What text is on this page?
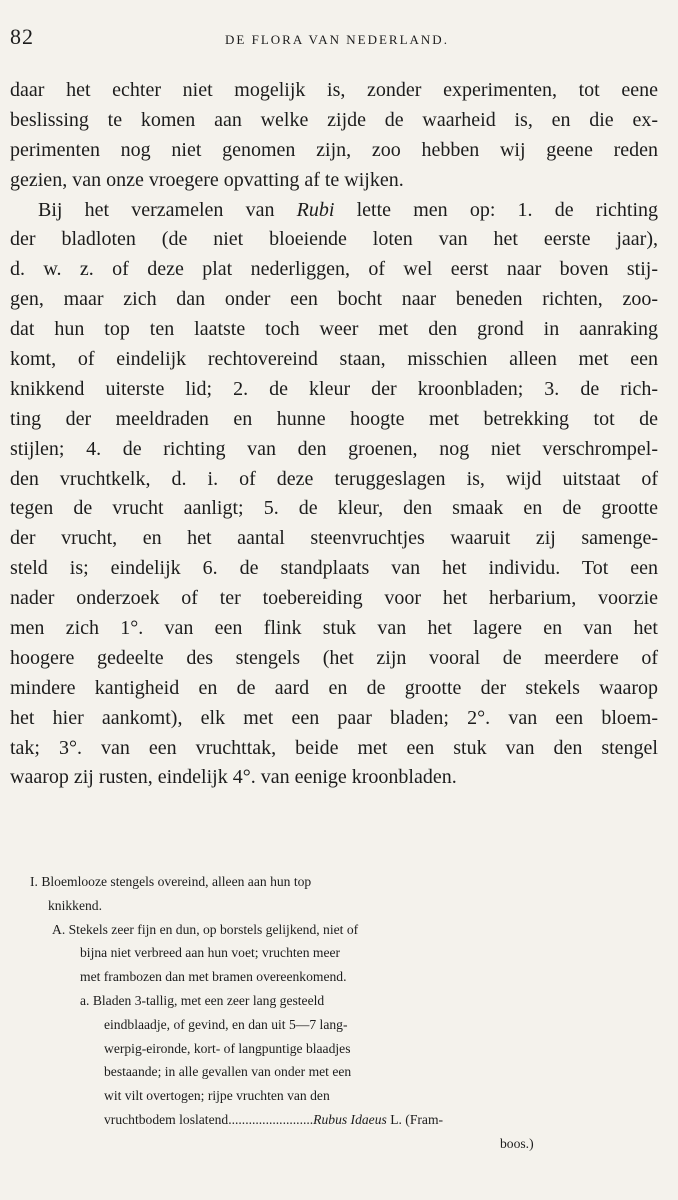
82	DE FLORA VAN NEDERLAND.
daar het echter niet mogelijk is, zonder experimenten, tot eene
beslissing te komen aan welke zijde de waarheid is, en die ex-
perimenten nog niet genomen zijn, zoo hebben wij geene reden
gezien, van onze vroegere opvatting af te wijken.
Bij het verzamelen van Rubi lette men op: 1. de richting
der bladloten (de niet bloeiende loten van het eerste jaar),
d. w. z. of deze plat nederliggen, of wel eerst naar boven stij-
gen, maar zich dan onder een bocht naar beneden richten, zoo-
dat hun top ten laatste toch weer met den grond in aanraking
komt, of eindelijk rechtovereind staan, misschien alleen met een
knikkend uiterste lid; 2. de kleur der kroonbladen; 3. de rich-
ting der meeldraden en hunne hoogte met betrekking tot de
stijlen; 4. de richting van den groenen, nog niet verschrompel-
den vruchtkelk, d. i. of deze teruggeslagen is, wijd uitstaat of
tegen de vrucht aanligt; 5. de kleur, den smaak en de grootte
der vrucht, en het aantal steenvruchtjes waaruit zij samenge-
steld is; eindelijk 6. de standplaats van het individu. Tot een
nader onderzoek of ter toebereiding voor het herbarium, voorzie
men zich 1°. van een flink stuk van het lagere en van het
hoogere gedeelte des stengels (het zijn vooral de meerdere of
mindere kantigheid en de aard en de grootte der stekels waarop
het hier aankomt), elk met een paar bladen; 2°. van een bloem-
tak; 3°. van een vruchttak, beide met een stuk van den stengel
waarop zij rusten, eindelijk 4°. van eenige kroonbladen.
I. Bloemlooze stengels overeind, alleen aan hun top
knikkend.
A. Stekels zeer fijn en dun, op borstels gelijkend, niet of
bijna niet verbreed aan hun voet; vruchten meer
met frambozen dan met bramen overeenkomend.
a. Bladen 3-tallig, met een zeer lang gesteeld
eindblaadje, of gevind, en dan uit 5—7 lang-
werpig-eironde, kort- of langpuntige blaadjes
bestaande; in alle gevallen van onder met een
wit vilt overtogen; rijpe vruchten van den
vruchtbodem loslatend.........................Rubus Idaeus L. (Fram-
boos.)
